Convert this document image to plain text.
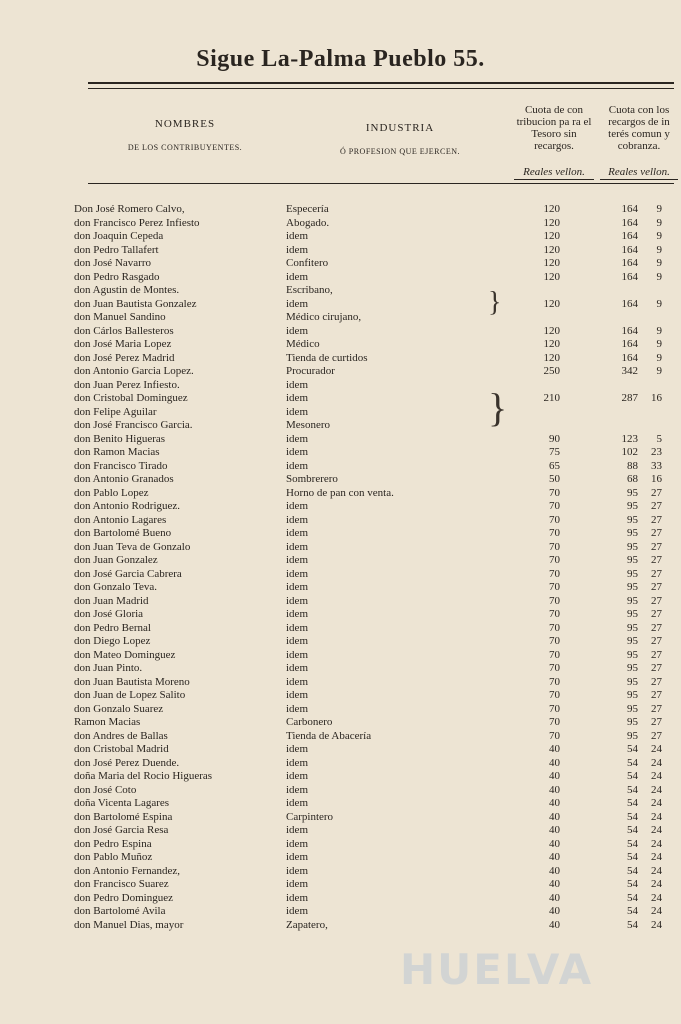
Sigue La-Palma Pueblo 55.
NOMBRES
DE LOS CONTRIBUYENTES.
INDUSTRIA
Ó PROFESION QUE EJERCEN.
Cuota de con tribucion pa ra el Tesoro sin recargos.
Cuota con los recargos de in terés comun y cobranza.
Reales vellon.	Reales vellon.
Don José Romero Calvo,	Especería	120	164	9
don Francisco Perez Infiesto	Abogado.	120	164	9
don Joaquin Cepeda	idem	120	164	9
don Pedro Tallafert	idem	120	164	9
don José Navarro	Confitero	120	164	9
don Pedro Rasgado	idem	120	164	9
don Agustin de Montes.	Escribano,
don Juan Bautista Gonzalez	idem	120	164	9
don Manuel Sandino	Médico cirujano,
don Cárlos Ballesteros	idem	120	164	9
don José Maria Lopez	Médico	120	164	9
don José Perez Madrid	Tienda de curtidos	120	164	9
don Antonio Garcia Lopez.	Procurador	250	342	9
don Juan Perez Infiesto.	idem
don Cristobal Dominguez	idem	210	287	16
don Felipe Aguilar	idem
don José Francisco Garcia.	Mesonero
don Benito Higueras	idem	90	123	5
don Ramon Macias	idem	75	102	23
don Francisco Tirado	idem	65	88	33
don Antonio Granados	Sombrerero	50	68	16
don Pablo Lopez	Horno de pan con venta.	70	95	27
don Antonio Rodriguez.	idem	70	95	27
don Antonio Lagares	idem	70	95	27
don Bartolomé Bueno	idem	70	95	27
don Juan Teva de Gonzalo	idem	70	95	27
don Juan Gonzalez	idem	70	95	27
don José Garcia Cabrera	idem	70	95	27
don Gonzalo Teva.	idem	70	95	27
don Juan Madrid	idem	70	95	27
don José Gloria	idem	70	95	27
don Pedro Bernal	idem	70	95	27
don Diego Lopez	idem	70	95	27
don Mateo Dominguez	idem	70	95	27
don Juan Pinto.	idem	70	95	27
don Juan Bautista Moreno	idem	70	95	27
don Juan de Lopez Salito	idem	70	95	27
don Gonzalo Suarez	idem	70	95	27
Ramon Macias	Carbonero	70	95	27
don Andres de Ballas	Tienda de Abacería	70	95	27
don Cristobal Madrid	idem	40	54	24
don José Perez Duende.	idem	40	54	24
doña Maria del Rocio Higueras	idem	40	54	24
don José Coto	idem	40	54	24
doña Vicenta Lagares	idem	40	54	24
don Bartolomé Espina	Carpintero	40	54	24
don José Garcia Resa	idem	40	54	24
don Pedro Espina	idem	40	54	24
don Pablo Muñoz	idem	40	54	24
don Antonio Fernandez,	idem	40	54	24
don Francisco Suarez	idem	40	54	24
don Pedro Dominguez	idem	40	54	24
don Bartolomé Avila	idem	40	54	24
don Manuel Dias, mayor	Zapatero,	40	54	24
}
}
HUELVA
